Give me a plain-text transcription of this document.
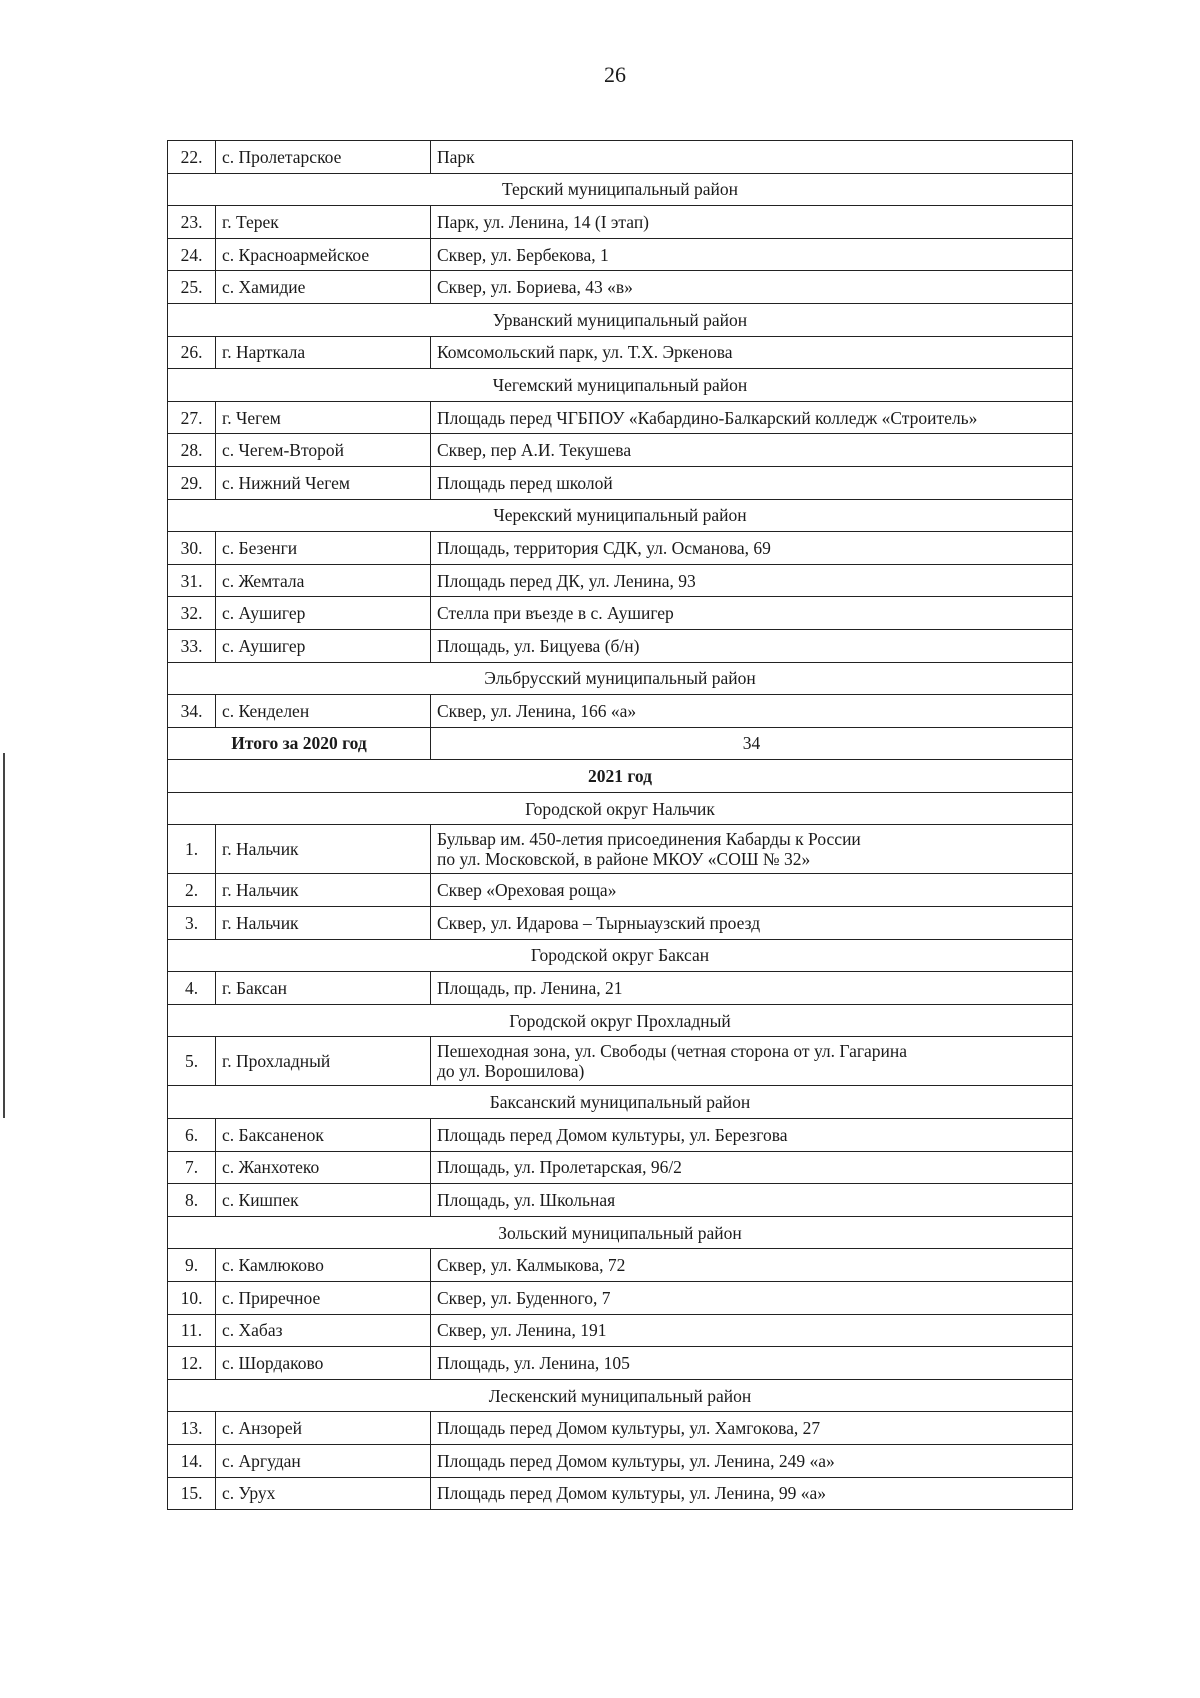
26
22.	с. Пролетарское	Парк

Терский муниципальный район		
23.	г. Терек	Парк, ул. Ленина, 14 (I этап)

24.	с. Красноармейское	Сквер, ул. Бербекова, 1

25.	с. Хамидие	Сквер, ул. Бориева, 43 «в»

Урванский муниципальный район		
26.	г. Нарткала	Комсомольский парк, ул. Т.Х. Эркенова

Чегемский муниципальный район		
27.	г. Чегем	Площадь перед ЧГБПОУ «Кабардино-Балкарский колледж «Строитель»

28.	с. Чегем-Второй	Сквер, пер А.И. Текушева

29.	с. Нижний Чегем	Площадь перед школой

Черекский муниципальный район		
30.	с. Безенги	Площадь, территория СДК, ул. Османова, 69

31.	с. Жемтала	Площадь перед ДК, ул. Ленина, 93

32.	с. Аушигер	Стелла при въезде в с. Аушигер

33.	с. Аушигер	Площадь, ул. Бицуева (б/н)

Эльбрусский муниципальный район		
34.	с. Кенделен	Сквер, ул. Ленина, 166 «а»

Итого за 2020 год		34
2021 год		
Городской округ Нальчик		
1.	г. Нальчик	Бульвар им. 450-летия присоединения Кабарды к России
по ул. Московской, в районе МКОУ «СОШ № 32»

2.	г. Нальчик	Сквер «Ореховая роща»

3.	г. Нальчик	Сквер, ул. Идарова – Тырныаузский проезд

Городской округ Баксан		
4.	г. Баксан	Площадь, пр. Ленина, 21

Городской округ Прохладный		
5.	г. Прохладный	Пешеходная зона, ул. Свободы (четная сторона от ул. Гагарина
до ул. Ворошилова)

Баксанский муниципальный район		
6.	с. Баксаненок	Площадь перед Домом культуры, ул. Березгова

7.	с. Жанхотеко	Площадь, ул. Пролетарская, 96/2

8.	с. Кишпек	Площадь, ул. Школьная

Зольский муниципальный район		
9.	с. Камлюково	Сквер, ул. Калмыкова, 72

10.	с. Приречное	Сквер, ул. Буденного, 7

11.	с. Хабаз	Сквер, ул. Ленина, 191

12.	с. Шордаково	Площадь, ул. Ленина, 105

Лескенский муниципальный район		
13.	с. Анзорей	Площадь перед Домом культуры, ул. Хамгокова, 27

14.	с. Аргудан	Площадь перед Домом культуры, ул. Ленина, 249 «а»

15.	с. Урух	Площадь перед Домом культуры, ул. Ленина, 99 «а»
